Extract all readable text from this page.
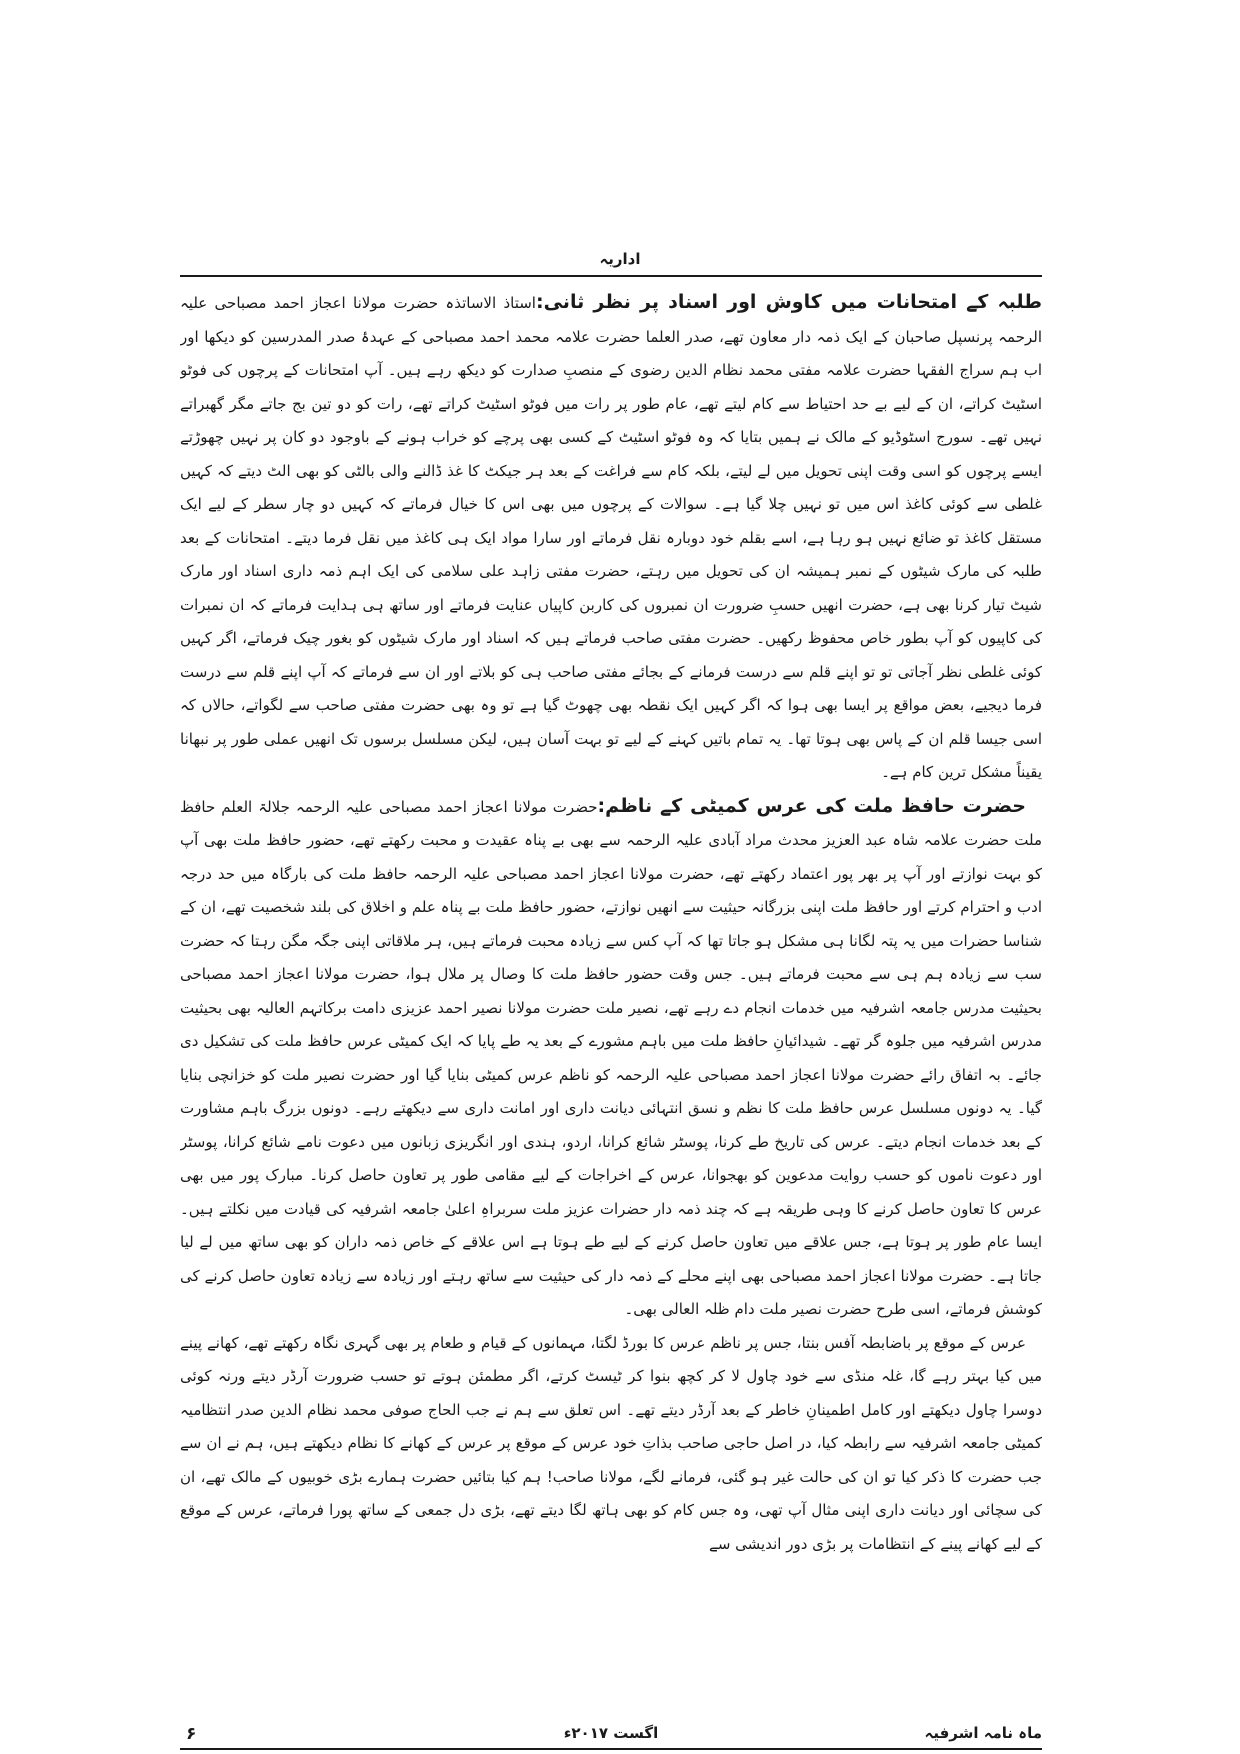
اداریہ

طلبہ کے امتحانات میں کاوش اور اسناد پر نظر ثانی:استاذ الاساتذہ حضرت مولانا اعجاز احمد مصباحی علیہ الرحمہ پرنسپل صاحبان کے ایک ذمہ دار معاون تھے، صدر العلما حضرت علامہ محمد احمد مصباحی کے عہدۂ صدر المدرسین کو دیکھا اور اب ہم سراج الفقہا حضرت علامہ مفتی محمد نظام الدین رضوی کے منصبِ صدارت کو دیکھ رہے ہیں۔ آپ امتحانات کے پرچوں کی فوٹو اسٹیٹ کراتے، ان کے لیے بے حد احتیاط سے کام لیتے تھے، عام طور پر رات میں فوٹو اسٹیٹ کراتے تھے، رات کو دو تین بج جاتے مگر گھبراتے نہیں تھے۔ سورج اسٹوڈیو کے مالک نے ہمیں بتایا کہ وہ فوٹو اسٹیٹ کے کسی بھی پرچے کو خراب ہونے کے باوجود دو کان پر نہیں چھوڑتے ایسے پرچوں کو اسی وقت اپنی تحویل میں لے لیتے، بلکہ کام سے فراغت کے بعد ہر جیکٹ کا غذ ڈالنے والی بالٹی کو بھی الٹ دیتے کہ کہیں غلطی سے کوئی کاغذ اس میں تو نہیں چلا گیا ہے۔ سوالات کے پرچوں میں بھی اس کا خیال فرماتے کہ کہیں دو چار سطر کے لیے ایک مستقل کاغذ تو ضائع نہیں ہو رہا ہے، اسے بقلم خود دوبارہ نقل فرماتے اور سارا مواد ایک ہی کاغذ میں نقل فرما دیتے۔ امتحانات کے بعد طلبہ کی مارک شیٹوں کے نمبر ہمیشہ ان کی تحویل میں رہتے، حضرت مفتی زاہد علی سلامی کی ایک اہم ذمہ داری اسناد اور مارک شیٹ تیار کرنا بھی ہے، حضرت انھیں حسبِ ضرورت ان نمبروں کی کاربن کاپیاں عنایت فرماتے اور ساتھ ہی ہدایت فرماتے کہ ان نمبرات کی کاپیوں کو آپ بطور خاص محفوظ رکھیں۔ حضرت مفتی صاحب فرماتے ہیں کہ اسناد اور مارک شیٹوں کو بغور چیک فرماتے، اگر کہیں کوئی غلطی نظر آجاتی تو تو اپنے قلم سے درست فرمانے کے بجائے مفتی صاحب ہی کو بلاتے اور ان سے فرماتے کہ آپ اپنے قلم سے درست فرما دیجیے، بعض مواقع پر ایسا بھی ہوا کہ اگر کہیں ایک نقطہ بھی چھوٹ گیا ہے تو وہ بھی حضرت مفتی صاحب سے لگواتے، حالاں کہ اسی جیسا قلم ان کے پاس بھی ہوتا تھا۔ یہ تمام باتیں کہنے کے لیے تو بہت آسان ہیں، لیکن مسلسل برسوں تک انھیں عملی طور پر نبھانا یقیناً مشکل ترین کام ہے۔

حضرت حافظ ملت کی عرس کمیٹی کے ناظم:حضرت مولانا اعجاز احمد مصباحی علیہ الرحمہ جلالۃ العلم حافظ ملت حضرت علامہ شاہ عبد العزیز محدث مراد آبادی علیہ الرحمہ سے بھی بے پناہ عقیدت و محبت رکھتے تھے، حضور حافظ ملت بھی آپ کو بہت نوازتے اور آپ پر بھر پور اعتماد رکھتے تھے، حضرت مولانا اعجاز احمد مصباحی علیہ الرحمہ حافظ ملت کی بارگاہ میں حد درجہ ادب و احترام کرتے اور حافظ ملت اپنی بزرگانہ حیثیت سے انھیں نوازتے، حضور حافظ ملت بے پناہ علم و اخلاق کی بلند شخصیت تھے، ان کے شناسا حضرات میں یہ پتہ لگانا ہی مشکل ہو جاتا تھا کہ آپ کس سے زیادہ محبت فرماتے ہیں، ہر ملاقاتی اپنی جگہ مگن رہتا کہ حضرت سب سے زیادہ ہم ہی سے محبت فرماتے ہیں۔ جس وقت حضور حافظ ملت کا وصال پر ملال ہوا، حضرت مولانا اعجاز احمد مصباحی بحیثیت مدرس جامعہ اشرفیہ میں خدمات انجام دے رہے تھے، نصیر ملت حضرت مولانا نصیر احمد عزیزی دامت برکاتہم العالیہ بھی بحیثیت مدرس اشرفیہ میں جلوہ گر تھے۔ شیدائیانِ حافظ ملت میں باہم مشورے کے بعد یہ طے پایا کہ ایک کمیٹی عرس حافظ ملت کی تشکیل دی جائے۔ بہ اتفاق رائے حضرت مولانا اعجاز احمد مصباحی علیہ الرحمہ کو ناظم عرس کمیٹی بنایا گیا اور حضرت نصیر ملت کو خزانچی بنایا گیا۔ یہ دونوں مسلسل عرس حافظ ملت کا نظم و نسق انتہائی دیانت داری اور امانت داری سے دیکھتے رہے۔ دونوں بزرگ باہم مشاورت کے بعد خدمات انجام دیتے۔ عرس کی تاریخ طے کرنا، پوسٹر شائع کرانا، اردو، ہندی اور انگریزی زبانوں میں دعوت نامے شائع کرانا، پوسٹر اور دعوت ناموں کو حسب روایت مدعوین کو بھجوانا، عرس کے اخراجات کے لیے مقامی طور پر تعاون حاصل کرنا۔ مبارک پور میں بھی عرس کا تعاون حاصل کرنے کا وہی طریقہ ہے کہ چند ذمہ دار حضرات عزیز ملت سربراہِ اعلیٰ جامعہ اشرفیہ کی قیادت میں نکلتے ہیں۔ ایسا عام طور پر ہوتا ہے، جس علاقے میں تعاون حاصل کرنے کے لیے طے ہوتا ہے اس علاقے کے خاص ذمہ داران کو بھی ساتھ میں لے لیا جاتا ہے۔ حضرت مولانا اعجاز احمد مصباحی بھی اپنے محلے کے ذمہ دار کی حیثیت سے ساتھ رہتے اور زیادہ سے زیادہ تعاون حاصل کرنے کی کوشش فرماتے، اسی طرح حضرت نصیر ملت دام ظلہ العالی بھی۔

عرس کے موقع پر باضابطہ آفس بنتا، جس پر ناظم عرس کا بورڈ لگتا، مہمانوں کے قیام و طعام پر بھی گہری نگاہ رکھتے تھے، کھانے پینے میں کیا بہتر رہے گا، غلہ منڈی سے خود چاول لا کر کچھ بنوا کر ٹیسٹ کرتے، اگر مطمئن ہوتے تو حسب ضرورت آرڈر دیتے ورنہ کوئی دوسرا چاول دیکھتے اور کامل اطمینانِ خاطر کے بعد آرڈر دیتے تھے۔ اس تعلق سے ہم نے جب الحاج صوفی محمد نظام الدین صدر انتظامیہ کمیٹی جامعہ اشرفیہ سے رابطہ کیا، در اصل حاجی صاحب بذاتِ خود عرس کے موقع پر عرس کے کھانے کا نظام دیکھتے ہیں، ہم نے ان سے جب حضرت کا ذکر کیا تو ان کی حالت غیر ہو گئی، فرمانے لگے، مولانا صاحب! ہم کیا بتائیں حضرت ہمارے بڑی خوبیوں کے مالک تھے، ان کی سچائی اور دیانت داری اپنی مثال آپ تھی، وہ جس کام کو بھی ہاتھ لگا دیتے تھے، بڑی دل جمعی کے ساتھ پورا فرماتے، عرس کے موقع کے لیے کھانے پینے کے انتظامات پر بڑی دور اندیشی سے

ماہ نامہ اشرفیہ
اگست ۲۰۱۷ء
۶
